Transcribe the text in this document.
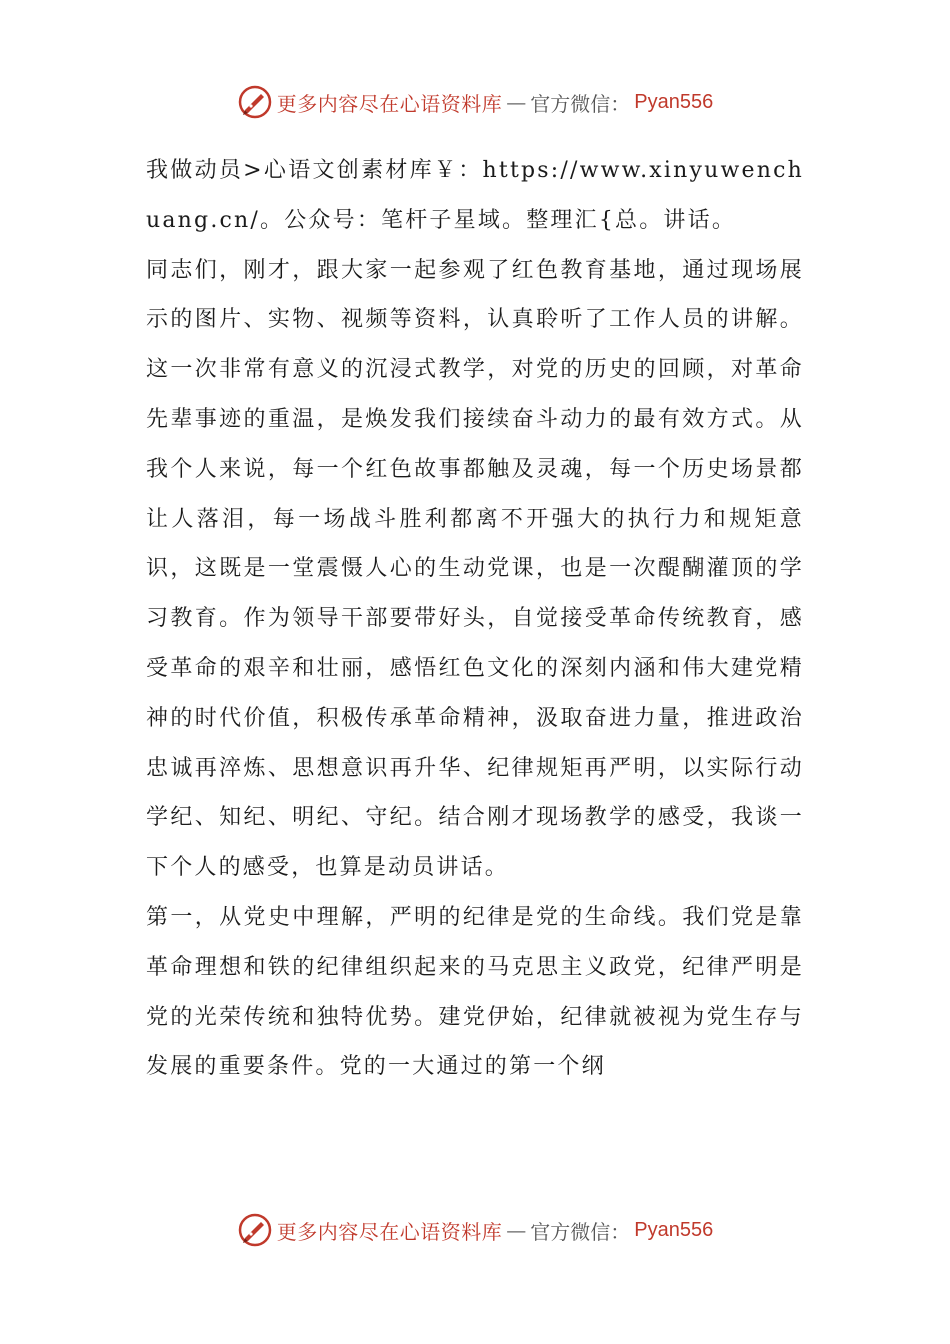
更多内容尽在心语资料库 — 官方微信： Pyan556

我做动员>心语文创素材库￥：https://www.xinyuwenchuang.cn/。公众号：笔杆子星域。整理汇{总。讲话。

同志们，刚才，跟大家一起参观了红色教育基地，通过现场展示的图片、实物、视频等资料，认真聆听了工作人员的讲解。这一次非常有意义的沉浸式教学，对党的历史的回顾，对革命先辈事迹的重温，是焕发我们接续奋斗动力的最有效方式。从我个人来说，每一个红色故事都触及灵魂，每一个历史场景都让人落泪，每一场战斗胜利都离不开强大的执行力和规矩意识，这既是一堂震慑人心的生动党课，也是一次醍醐灌顶的学习教育。作为领导干部要带好头，自觉接受革命传统教育，感受革命的艰辛和壮丽，感悟红色文化的深刻内涵和伟大建党精神的时代价值，积极传承革命精神，汲取奋进力量，推进政治忠诚再淬炼、思想意识再升华、纪律规矩再严明，以实际行动学纪、知纪、明纪、守纪。结合刚才现场教学的感受，我谈一下个人的感受，也算是动员讲话。

第一，从党史中理解，严明的纪律是党的生命线。我们党是靠革命理想和铁的纪律组织起来的马克思主义政党，纪律严明是党的光荣传统和独特优势。建党伊始，纪律就被视为党生存与发展的重要条件。党的一大通过的第一个纲

更多内容尽在心语资料库 — 官方微信： Pyan556
